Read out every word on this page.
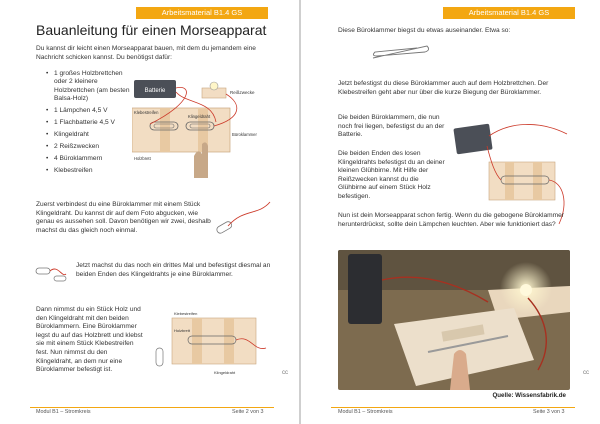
Arbeitsmaterial B1.4 GS
Bauanleitung für einen Morseapparat
Du kannst dir leicht einen Morseapparat bauen, mit dem du jemandem eine Nachricht schicken kannst. Du benötigst dafür:
• 1 großes Holzbrettchen oder 2 kleinere Holzbrettchen (am besten Balsa-Holz)
• 1 Lämpchen 4,5 V
• 1 Flachbatterie 4,5 V
• Klingeldraht
• 2 Reißzwecken
• 4 Büroklammern
• Klebestreifen
Batterie	Reißzwecke
Klebestreifen
Klingeldraht
Büroklammer
Holzbrett
Zuerst verbindest du eine Büroklammer mit einem Stück Klingeldraht. Du kannst dir auf dem Foto abgucken, wie genau es aussehen soll. Davon benötigen wir zwei, deshalb machst du das gleich noch einmal.
Jetzt machst du das noch ein drittes Mal und befestigst diesmal an beiden Enden des Klingeldrahts je eine Büroklammer.
Dann nimmst du ein Stück Holz und den Klingeldraht mit den beiden Büroklammern. Eine Büroklammer legst du auf das Holzbrett und klebst sie mit einem Stück Klebestreifen fest. Nun nimmst du den Klingeldraht, an dem nur eine Büroklammer befestigt ist.
Klebestreifen
Holzbrett
Klingeldraht	cc
Modul B1 – Stromkreis	Seite 2 von 3
Arbeitsmaterial B1.4 GS
Diese Büroklammer biegst du etwas auseinander. Etwa so:
Jetzt befestigst du diese Büroklammer auch auf dem Holzbrettchen. Der Klebestreifen geht aber nur über die kurze Biegung der Büroklammer.
Die beiden Büroklammern, die nun noch frei liegen, befestigst du an der Batterie.
Die beiden Enden des losen Klingeldrahts befestigst du an deiner kleinen Glühbirne. Mit Hilfe der Reißzwecken kannst du die Glühbirne auf einem Stück Holz befestigen.
Nun ist dein Morseapparat schon fertig. Wenn du die gebogene Büroklammer herunterdrückst, sollte dein Lämpchen leuchten. Aber wie funktioniert das?
Quelle: Wissensfabrik.de
cc
Modul B1 – Stromkreis	Seite 3 von 3
